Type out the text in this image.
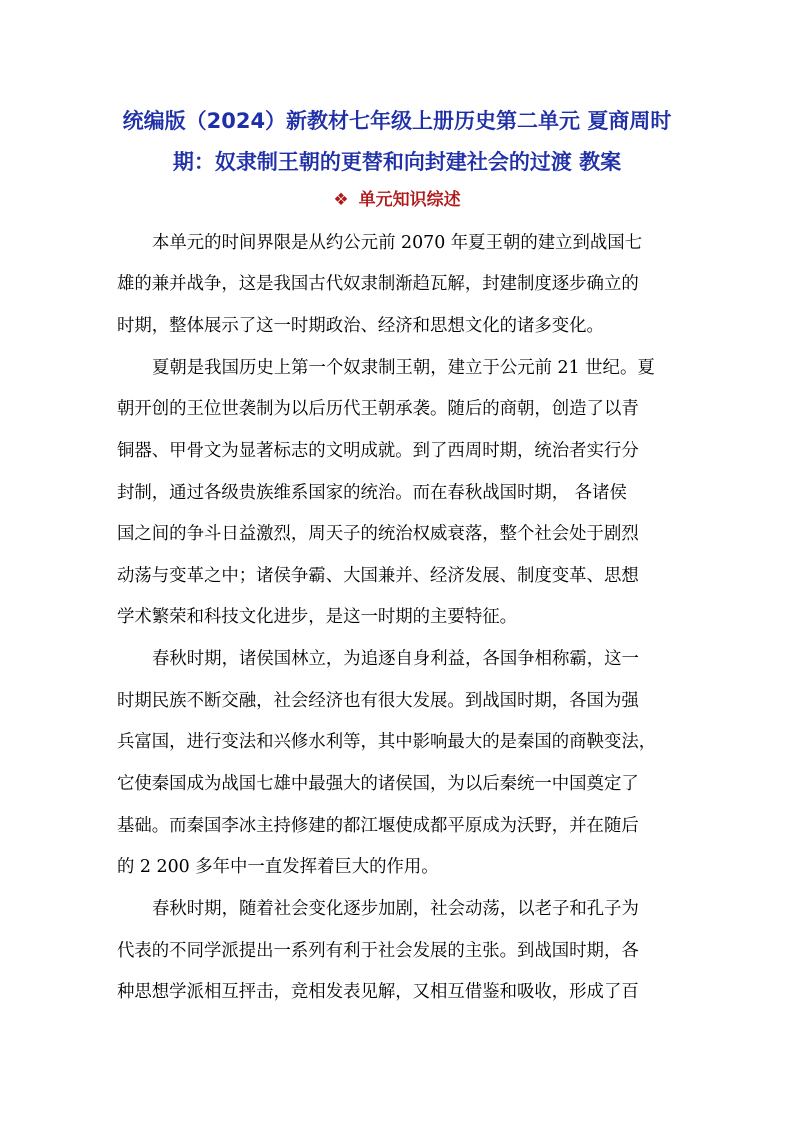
统编版（2024）新教材七年级上册历史第二单元 夏商周时
期：奴隶制王朝的更替和向封建社会的过渡 教案
❖ 单元知识综述
本单元的时间界限是从约公元前 2070 年夏王朝的建立到战国七
雄的兼并战争，这是我国古代奴隶制渐趋瓦解，封建制度逐步确立的
时期，整体展示了这一时期政治、经济和思想文化的诸多变化。
夏朝是我国历史上第一个奴隶制王朝，建立于公元前 21 世纪。夏
朝开创的王位世袭制为以后历代王朝承袭。随后的商朝，创造了以青
铜器、甲骨文为显著标志的文明成就。到了西周时期，统治者实行分
封制，通过各级贵族维系国家的统治。而在春秋战国时期， 各诸侯
国之间的争斗日益激烈，周天子的统治权威衰落，整个社会处于剧烈
动荡与变革之中；诸侯争霸、大国兼并、经济发展、制度变革、思想
学术繁荣和科技文化进步，是这一时期的主要特征。
春秋时期，诸侯国林立，为追逐自身利益，各国争相称霸，这一
时期民族不断交融，社会经济也有很大发展。到战国时期，各国为强
兵富国，进行变法和兴修水利等，其中影响最大的是秦国的商鞅变法，
它使秦国成为战国七雄中最强大的诸侯国，为以后秦统一中国奠定了
基础。而秦国李冰主持修建的都江堰使成都平原成为沃野，并在随后
的 2 200 多年中一直发挥着巨大的作用。
春秋时期，随着社会变化逐步加剧，社会动荡，以老子和孔子为
代表的不同学派提出一系列有利于社会发展的主张。到战国时期，各
种思想学派相互抨击，竞相发表见解，又相互借鉴和吸收，形成了百
